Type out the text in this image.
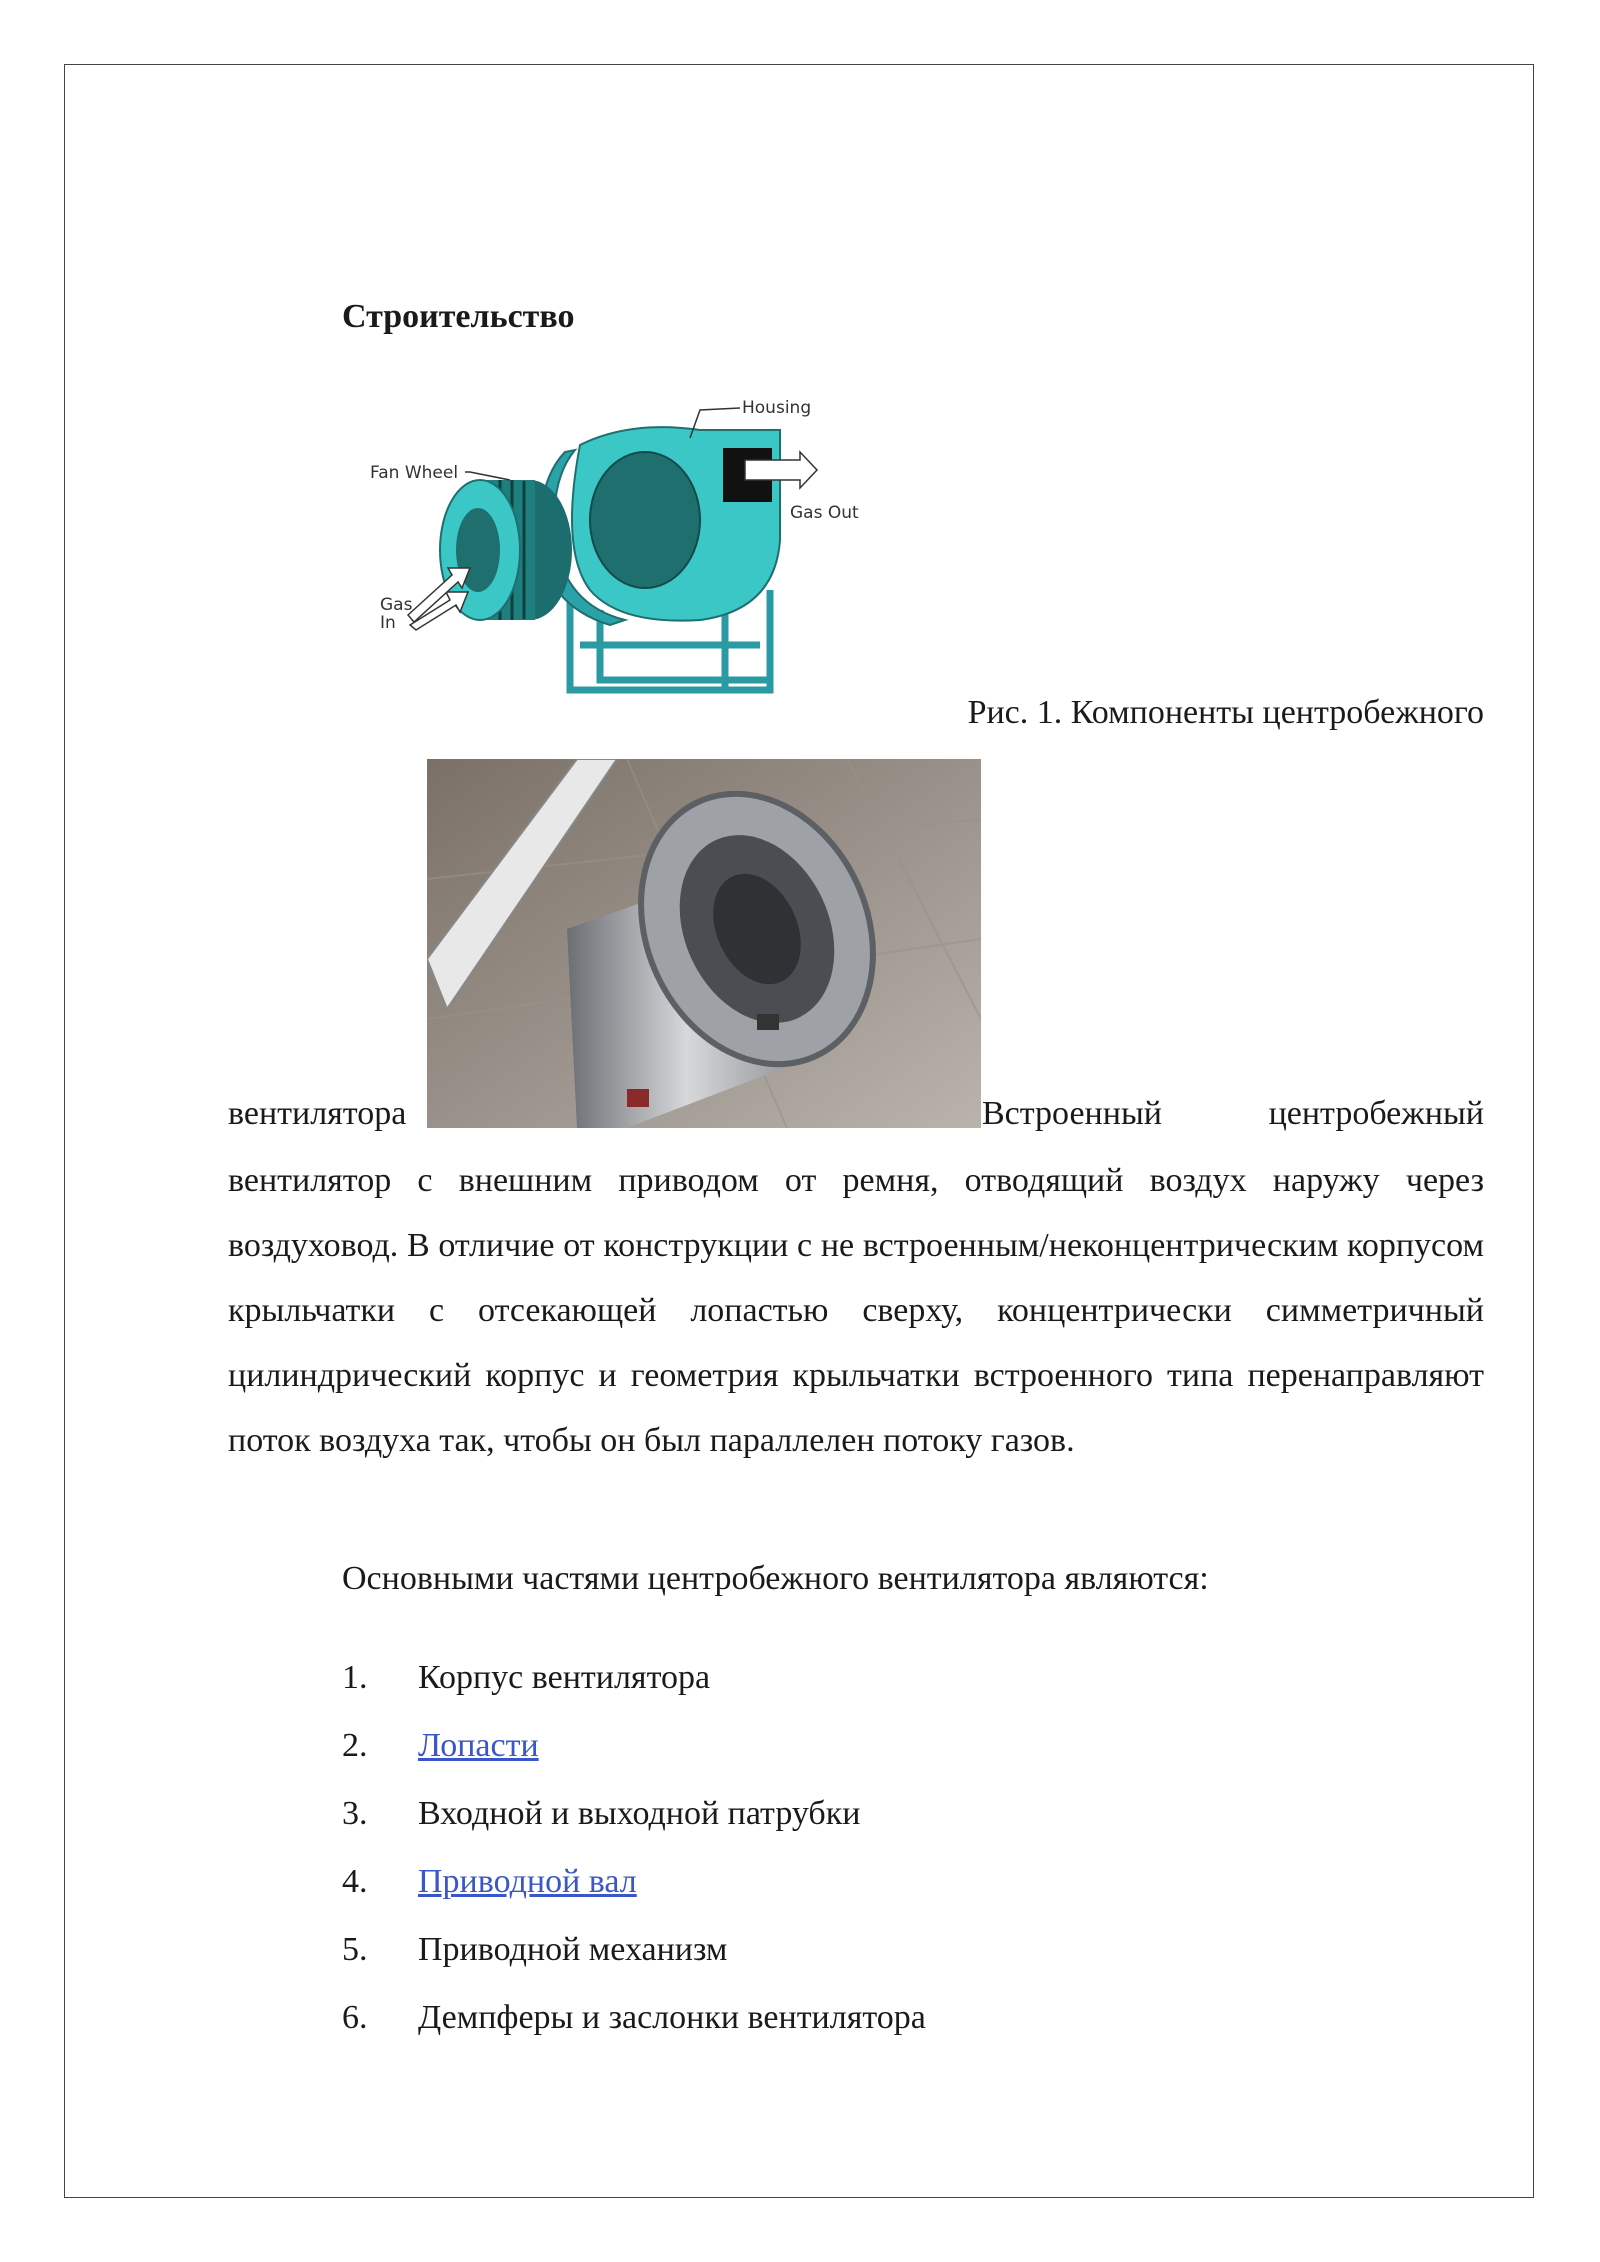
Строительство
Housing
Fan Wheel
Gas Out
Gas
In
Рис. 1. Компоненты центробежного
вентилятора	Встроенный центробежный

вентилятор с внешним приводом от ремня, отводящий воздух наружу через воздуховод. В отличие от конструкции с не встроенным/неконцентрическим корпусом крыльчатки с отсекающей лопастью сверху, концентрически симметричный цилиндрический корпус и геометрия крыльчатки встроенного типа перенаправляют поток воздуха так, чтобы он был параллелен потоку газов.

Основными частями центробежного вентилятора являются:

1. Корпус вентилятора
2. Лопасти
3. Входной и выходной патрубки
4. Приводной вал
5. Приводной механизм
6. Демпферы и заслонки вентилятора
